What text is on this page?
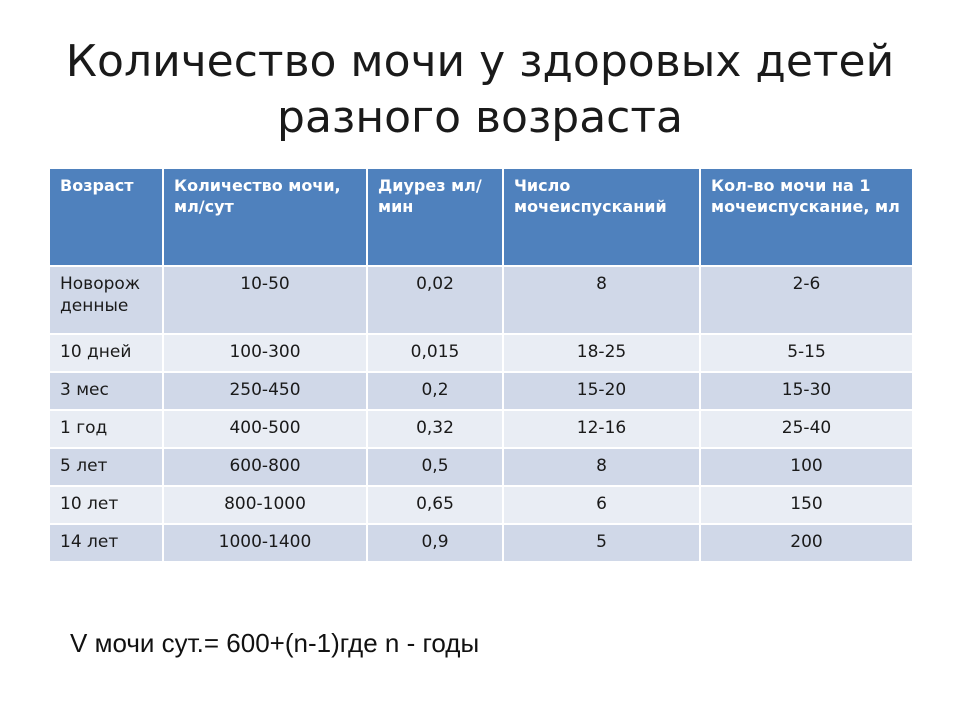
Количество мочи у здоровых детей
разного возраста
Возраст	Количество мочи, мл/сут	Диурез мл/мин	Число мочеиспусканий	Кол-во мочи на 1 мочеиспускание, мл
Новорож денные	10-50	0,02	8	2-6
10 дней	100-300	0,015	18-25	5-15
3 мес	250-450	0,2	15-20	15-30
1 год	400-500	0,32	12-16	25-40
5 лет	600-800	0,5	8	100
10 лет	800-1000	0,65	6	150
14 лет	1000-1400	0,9	5	200
V мочи сут.= 600+(n-1)где n - годы
